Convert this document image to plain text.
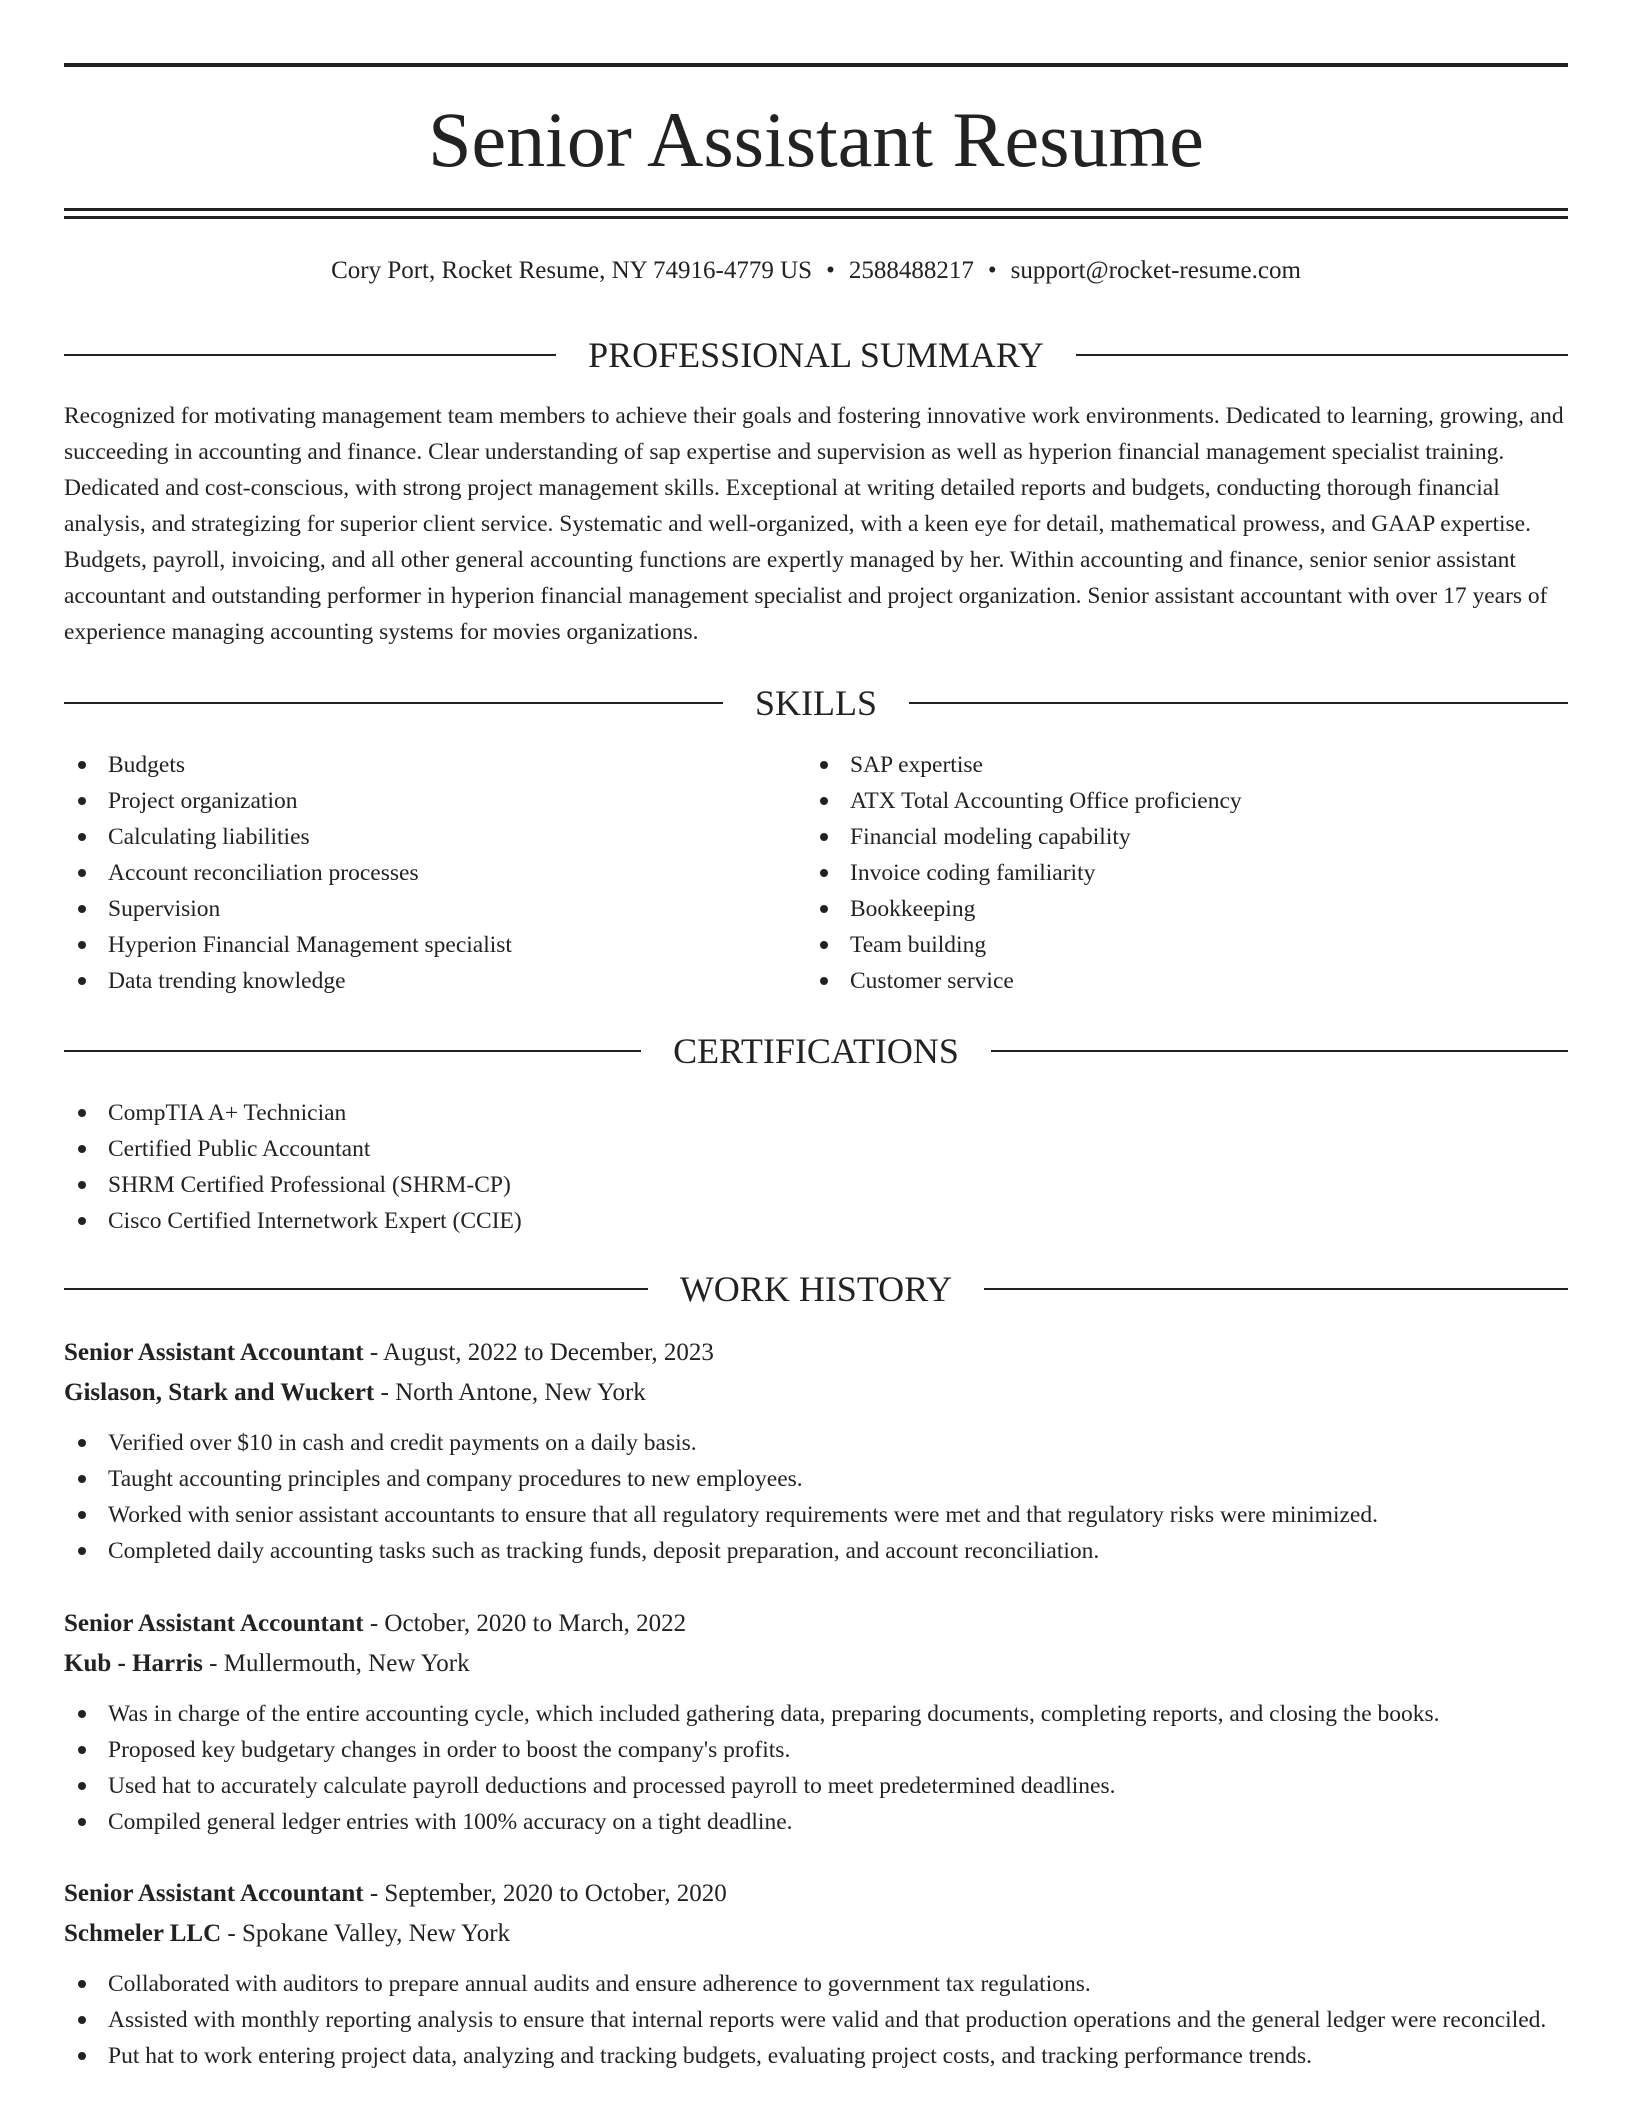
Senior Assistant Resume
Cory Port, Rocket Resume, NY 74916-4779 US • 2588488217 • support@rocket-resume.com
PROFESSIONAL SUMMARY

Recognized for motivating management team members to achieve their goals and fostering innovative work environments. Dedicated to learning, growing, and succeeding in accounting and finance. Clear understanding of sap expertise and supervision as well as hyperion financial management specialist training. Dedicated and cost-conscious, with strong project management skills. Exceptional at writing detailed reports and budgets, conducting thorough financial analysis, and strategizing for superior client service. Systematic and well-organized, with a keen eye for detail, mathematical prowess, and GAAP expertise. Budgets, payroll, invoicing, and all other general accounting functions are expertly managed by her. Within accounting and finance, senior senior assistant accountant and outstanding performer in hyperion financial management specialist and project organization. Senior assistant accountant with over 17 years of experience managing accounting systems for movies organizations.

SKILLS
Budgets
Project organization
Calculating liabilities
Account reconciliation processes
Supervision
Hyperion Financial Management specialist
Data trending knowledge
SAP expertise
ATX Total Accounting Office proficiency
Financial modeling capability
Invoice coding familiarity
Bookkeeping
Team building
Customer service
CERTIFICATIONS
CompTIA A+ Technician
Certified Public Accountant
SHRM Certified Professional (SHRM-CP)
Cisco Certified Internetwork Expert (CCIE)
WORK HISTORY
Senior Assistant Accountant - August, 2022 to December, 2023
Gislason, Stark and Wuckert - North Antone, New York
Verified over $10 in cash and credit payments on a daily basis.
Taught accounting principles and company procedures to new employees.
Worked with senior assistant accountants to ensure that all regulatory requirements were met and that regulatory risks were minimized.
Completed daily accounting tasks such as tracking funds, deposit preparation, and account reconciliation.
Senior Assistant Accountant - October, 2020 to March, 2022
Kub - Harris - Mullermouth, New York
Was in charge of the entire accounting cycle, which included gathering data, preparing documents, completing reports, and closing the books.
Proposed key budgetary changes in order to boost the company's profits.
Used hat to accurately calculate payroll deductions and processed payroll to meet predetermined deadlines.
Compiled general ledger entries with 100% accuracy on a tight deadline.
Senior Assistant Accountant - September, 2020 to October, 2020
Schmeler LLC - Spokane Valley, New York
Collaborated with auditors to prepare annual audits and ensure adherence to government tax regulations.
Assisted with monthly reporting analysis to ensure that internal reports were valid and that production operations and the general ledger were reconciled.
Put hat to work entering project data, analyzing and tracking budgets, evaluating project costs, and tracking performance trends.
